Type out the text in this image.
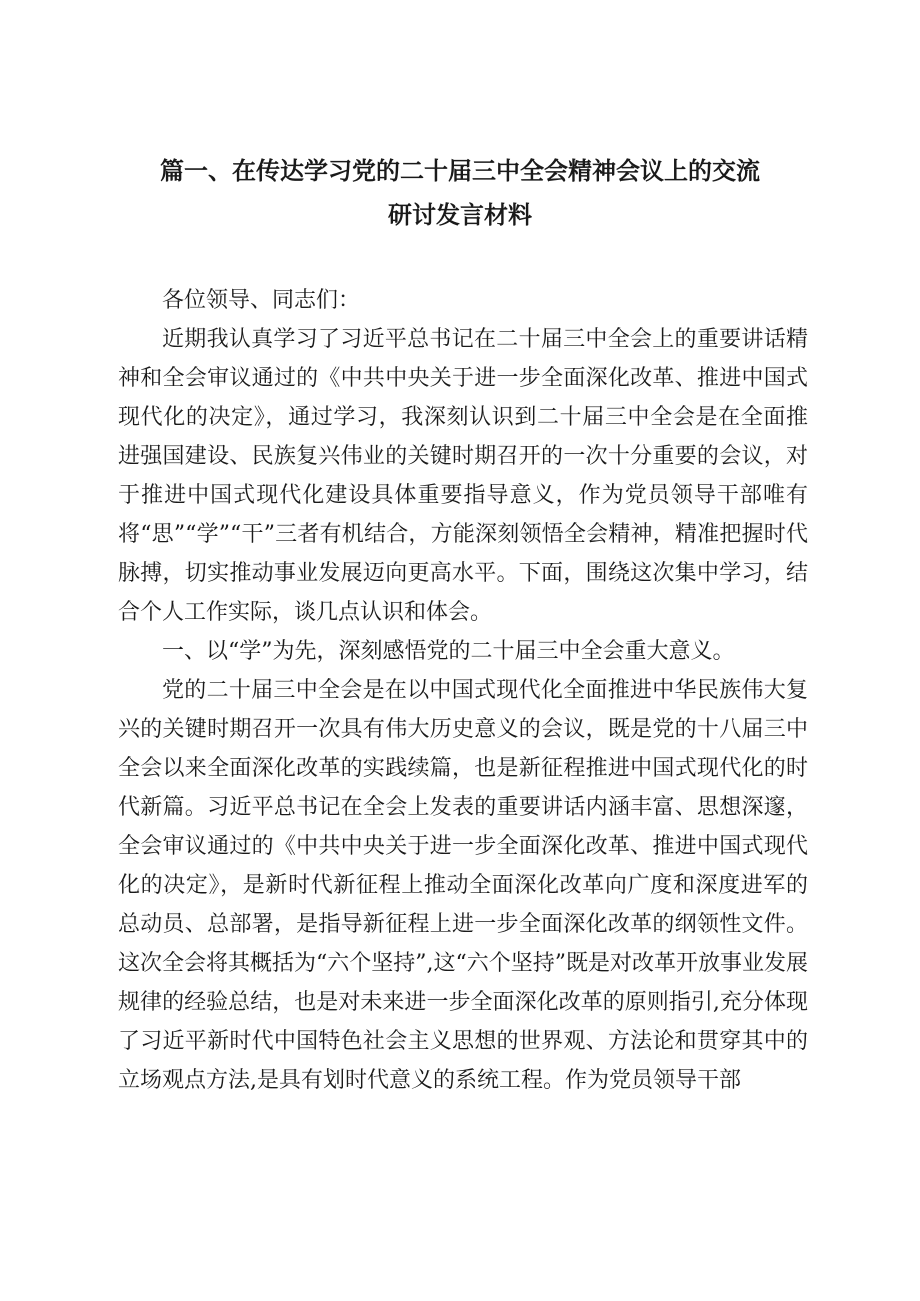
篇一、在传达学习党的二十届三中全会精神会议上的交流
研讨发言材料

各位领导、同志们：

近期我认真学习了习近平总书记在二十届三中全会上的重要讲话精神和全会审议通过的《中共中央关于进一步全面深化改革、推进中国式现代化的决定》，通过学习，我深刻认识到二十届三中全会是在全面推进强国建设、民族复兴伟业的关键时期召开的一次十分重要的会议，对于推进中国式现代化建设具体重要指导意义，作为党员领导干部唯有将“思”“学”“干”三者有机结合，方能深刻领悟全会精神，精准把握时代脉搏，切实推动事业发展迈向更高水平。下面，围绕这次集中学习，结合个人工作实际，谈几点认识和体会。

一、以“学”为先，深刻感悟党的二十届三中全会重大意义。

党的二十届三中全会是在以中国式现代化全面推进中华民族伟大复兴的关键时期召开一次具有伟大历史意义的会议，既是党的十八届三中全会以来全面深化改革的实践续篇，也是新征程推进中国式现代化的时代新篇。习近平总书记在全会上发表的重要讲话内涵丰富、思想深邃，全会审议通过的《中共中央关于进一步全面深化改革、推进中国式现代化的决定》，是新时代新征程上推动全面深化改革向广度和深度进军的总动员、总部署，是指导新征程上进一步全面深化改革的纲领性文件。这次全会将其概括为“六个坚持”,这“六个坚持”既是对改革开放事业发展规律的经验总结，也是对未来进一步全面深化改革的原则指引,充分体现了习近平新时代中国特色社会主义思想的世界观、方法论和贯穿其中的立场观点方法,是具有划时代意义的系统工程。作为党员领导干部
